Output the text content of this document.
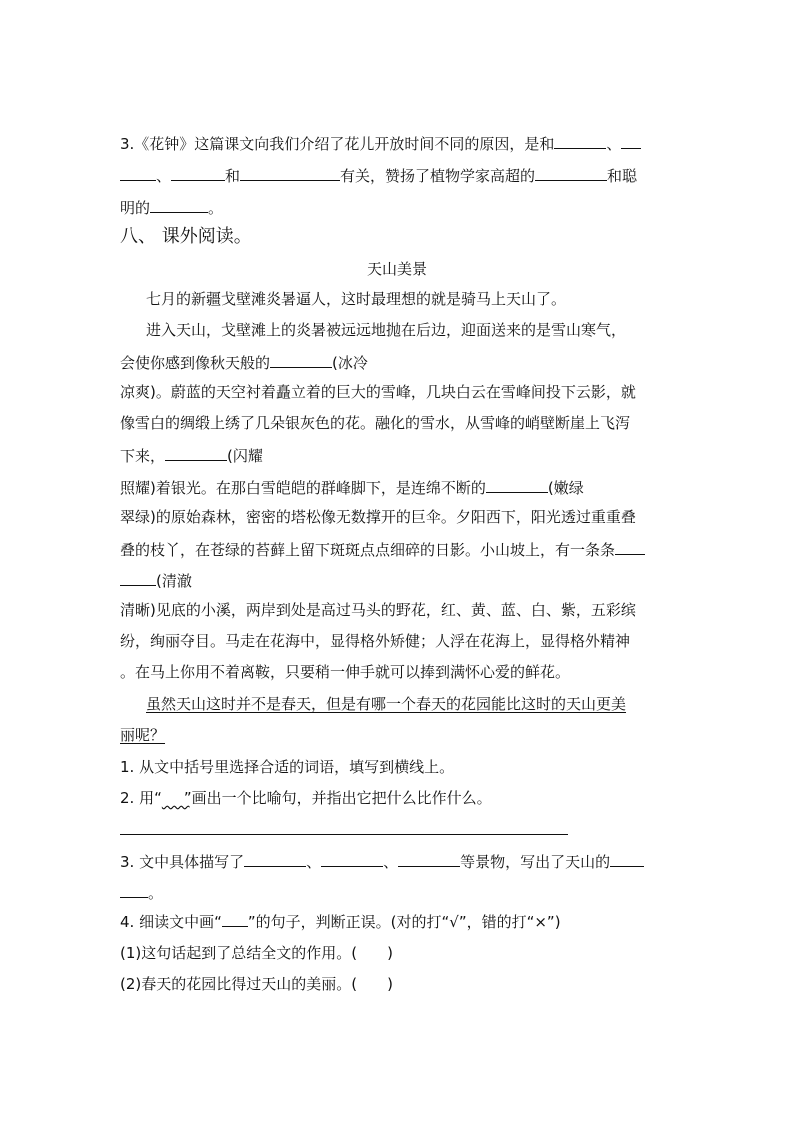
3.《花钟》这篇课文向我们介绍了花儿开放时间不同的原因，是和	、
、	和	有关，赞扬了植物学家高超的	和聪
明的	。
八、 课外阅读。
天山美景
七月的新疆戈壁滩炎暑逼人，这时最理想的就是骑马上天山了。
进入天山，戈壁滩上的炎暑被远远地抛在后边，迎面送来的是雪山寒气，
会使你感到像秋天般的	(冰冷
凉爽)。蔚蓝的天空衬着矗立着的巨大的雪峰，几块白云在雪峰间投下云影，就
像雪白的绸缎上绣了几朵银灰色的花。融化的雪水，从雪峰的峭壁断崖上飞泻
下来，	(闪耀
照耀)着银光。在那白雪皑皑的群峰脚下，是连绵不断的	(嫩绿
翠绿)的原始森林，密密的塔松像无数撑开的巨伞。夕阳西下，阳光透过重重叠
叠的枝丫，在苍绿的苔藓上留下斑斑点点细碎的日影。小山坡上，有一条条
(清澈
清晰)见底的小溪，两岸到处是高过马头的野花，红、黄、蓝、白、紫，五彩缤
纷，绚丽夺目。马走在花海中，显得格外矫健；人浮在花海上，显得格外精神
。在马上你用不着离鞍，只要稍一伸手就可以捧到满怀心爱的鲜花。
虽然天山这时并不是春天，但是有哪一个春天的花园能比这时的天山更美
丽呢？
1. 从文中括号里选择合适的词语，填写到横线上。
2. 用“ ”画出一个比喻句，并指出它把什么比作什么。
3. 文中具体描写了	、	、	等景物，写出了天山的
。
4. 细读文中画“ ”的句子，判断正误。(对的打“√”，错的打“×”)
(1)这句话起到了总结全文的作用。(　　)
(2)春天的花园比得过天山的美丽。(　　)
